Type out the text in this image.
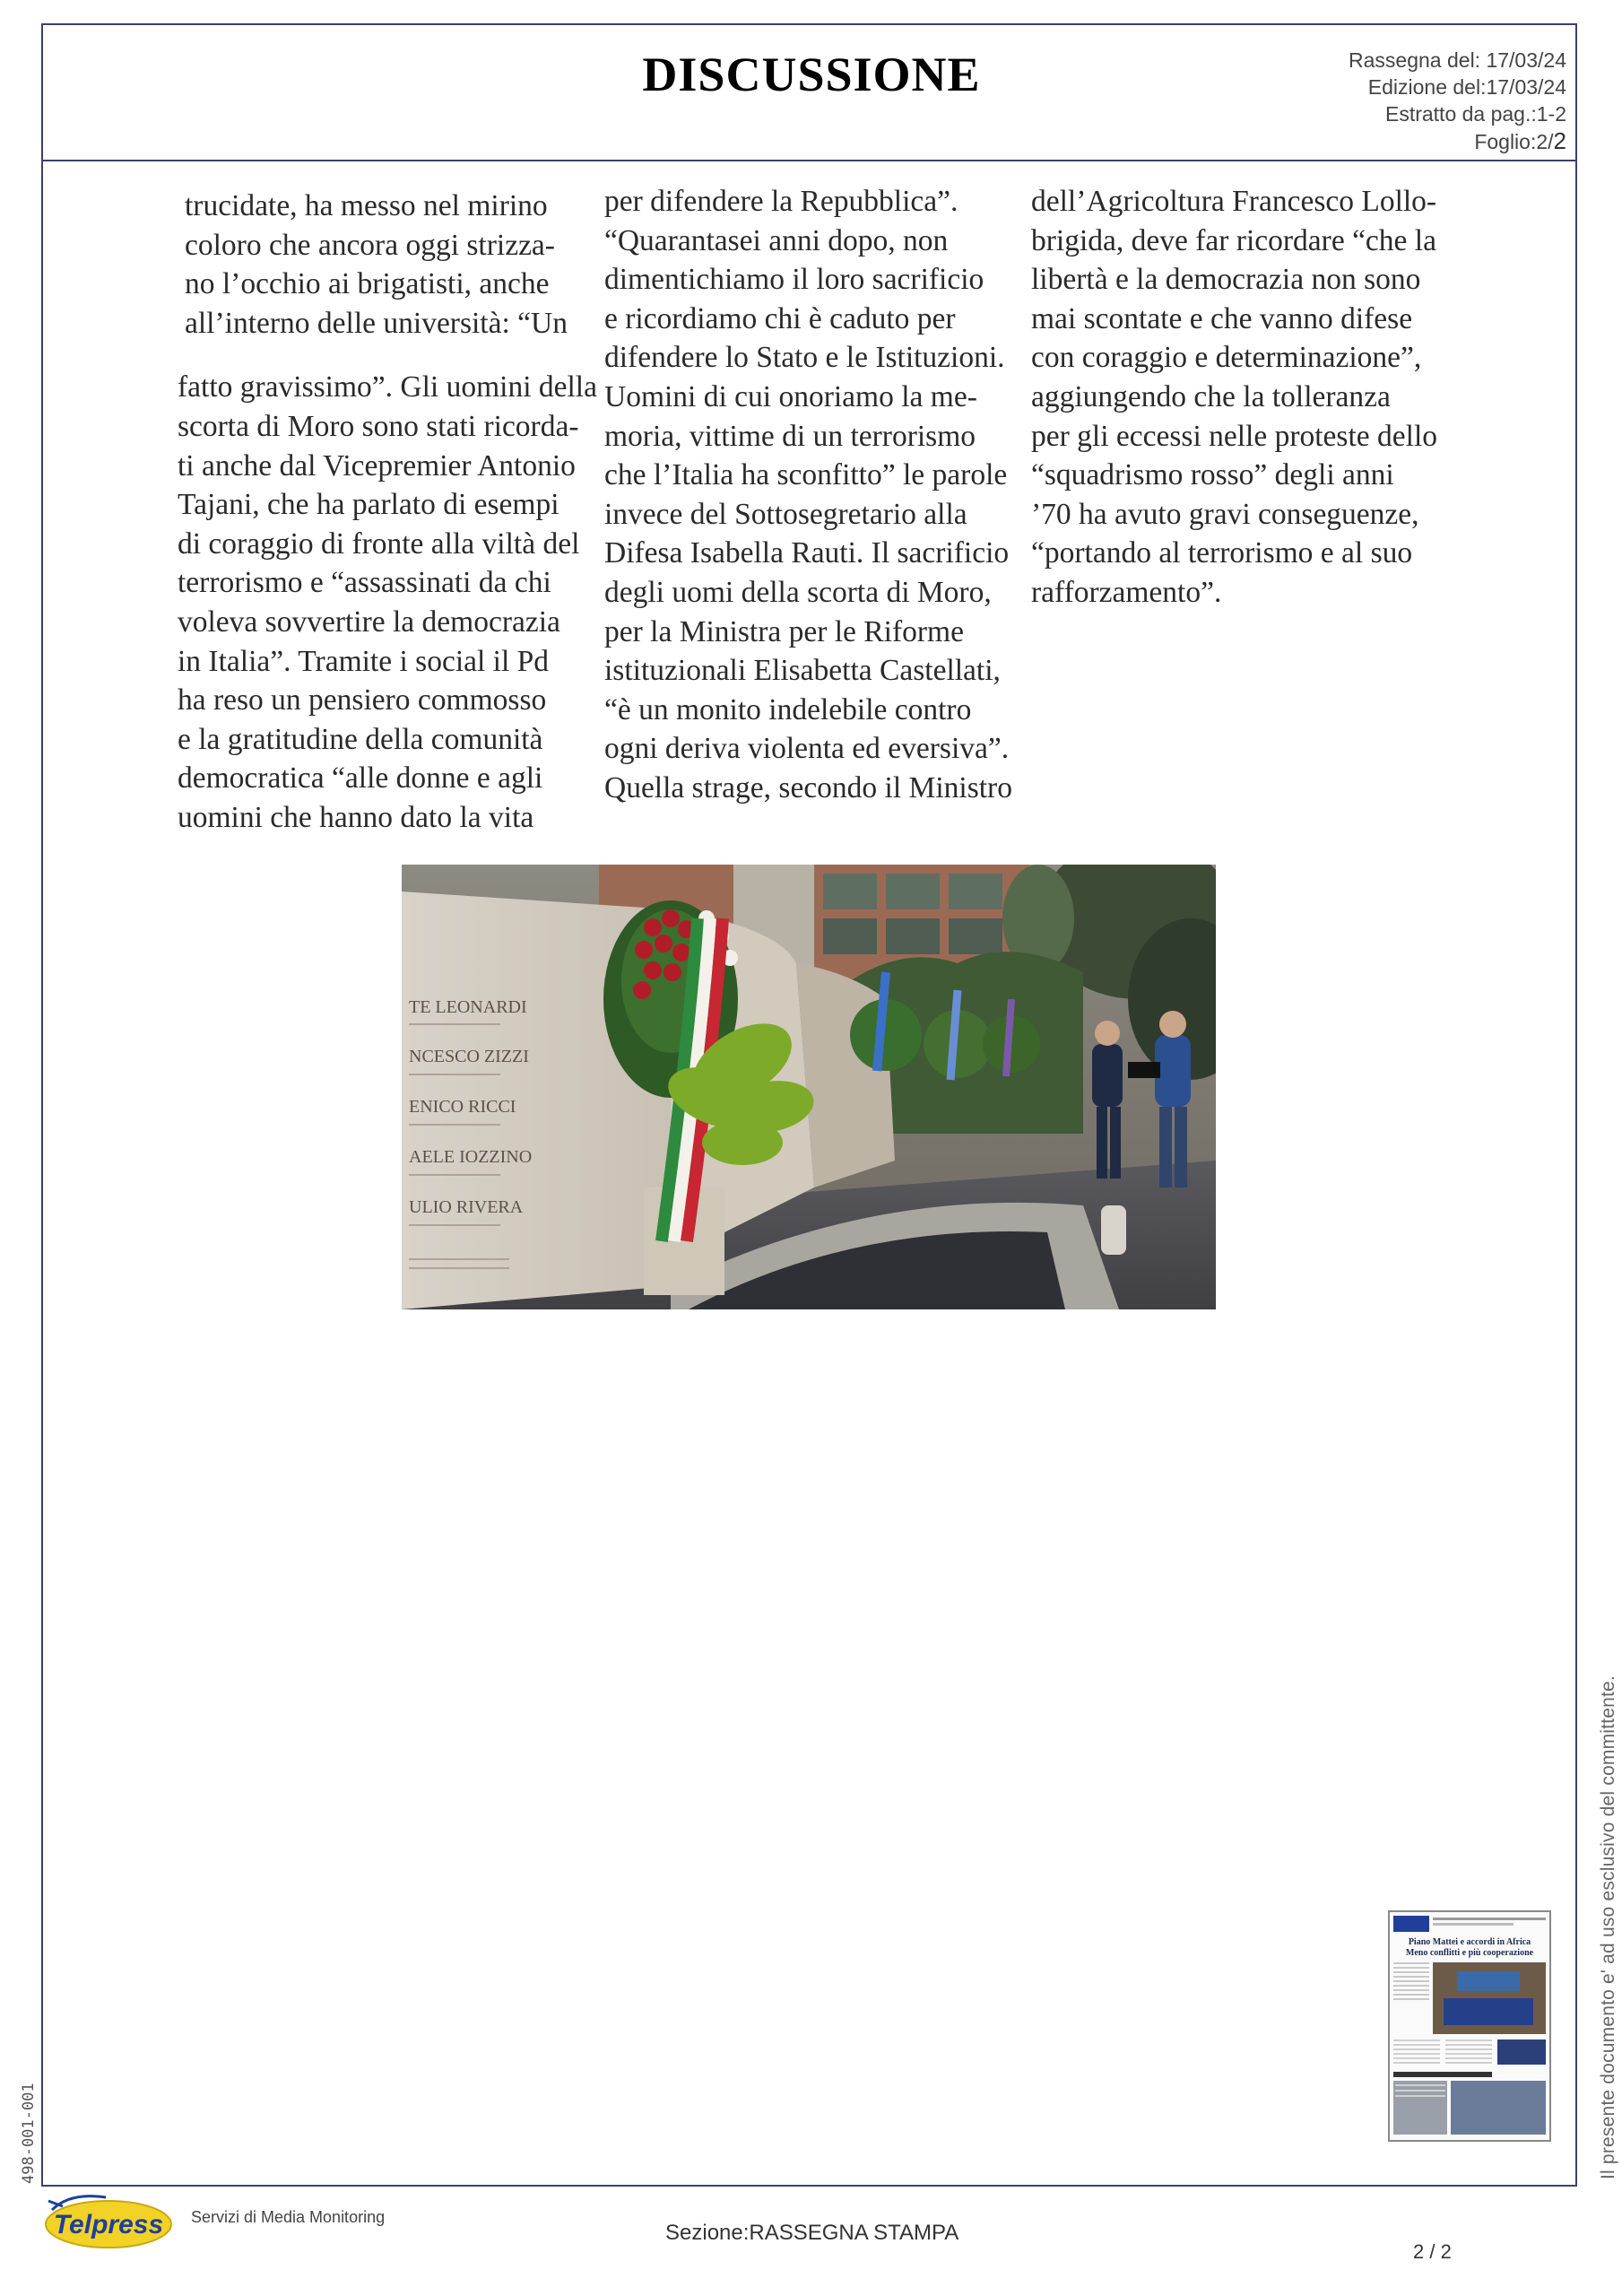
DISCUSSIONE	Rassegna del: 17/03/24
Edizione del:17/03/24
Estratto da pag.:1-2
Foglio:2/2

trucidate, ha messo nel mirino

coloro che ancora oggi strizza-

no l’occhio ai brigatisti, anche

all’interno delle università: “Un

fatto gravissimo”. Gli uomini della

scorta di Moro sono stati ricorda-

ti anche dal Vicepremier Antonio

Tajani, che ha parlato di esempi

di coraggio di fronte alla viltà del

terrorismo e “assassinati da chi

voleva sovvertire la democrazia

in Italia”. Tramite i social il Pd

ha reso un pensiero commosso

e la gratitudine della comunità

democratica “alle donne e agli

uomini che hanno dato la vita

per difendere la Repubblica”.

“Quarantasei anni dopo, non

dimentichiamo il loro sacrificio

e ricordiamo chi è caduto per

difendere lo Stato e le Istituzioni.

Uomini di cui onoriamo la me-

moria, vittime di un terrorismo

che l’Italia ha sconfitto” le parole

invece del Sottosegretario alla

Difesa Isabella Rauti. Il sacrificio

degli uomi della scorta di Moro,

per la Ministra per le Riforme

istituzionali Elisabetta Castellati,

“è un monito indelebile contro

ogni deriva violenta ed eversiva”.

Quella strage, secondo il Ministro

dell’Agricoltura Francesco Lollo-

brigida, deve far ricordare “che la

libertà e la democrazia non sono

mai scontate e che vanno difese

con coraggio e determinazione”,

aggiungendo che la tolleranza

per gli eccessi nelle proteste dello

“squadrismo rosso” degli anni

’70 ha avuto gravi conseguenze,

“portando al terrorismo e al suo

rafforzamento”.

TE LEONARDI
NCESCO ZIZZI
ENICO RICCI
AELE IOZZINO
ULIO RIVERA
Il presente documento e' ad uso esclusivo del committente.
498-001-001
Piano Mattei e accordi in Africa
Meno conflitti e più cooperazione
Telpress Servizi di Media Monitoring
Sezione:RASSEGNA STAMPA
2 / 2
